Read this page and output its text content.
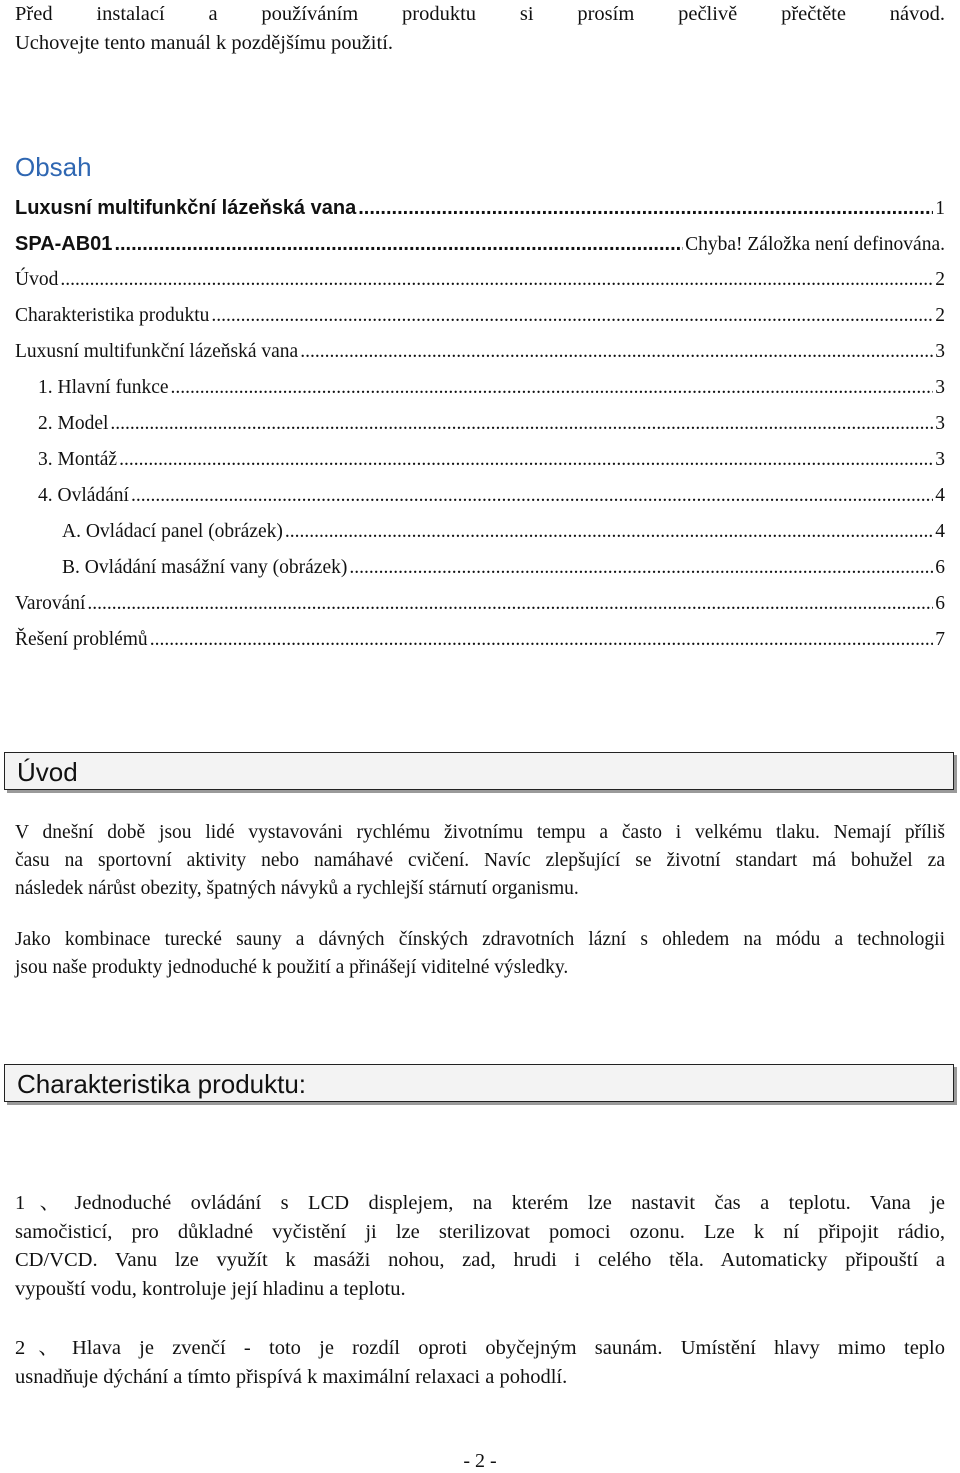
Před instalací a používáním produktu si prosím pečlivě přečtěte návod.
Uchovejte tento manuál k pozdějšímu použití.
Obsah
Luxusní multifunkční lázeňská vana .....	1
SPA-AB01 .....	Chyba! Záložka není definována.
Úvod .....	2
Charakteristika produktu .....	2
Luxusní multifunkční lázeňská vana .....	3
1. Hlavní funkce .....	3
2. Model .....	3
3. Montáž .....	3
4. Ovládání .....	4
A. Ovládací panel (obrázek) .....	4
B. Ovládání masážní vany (obrázek) .....	6
Varování .....	6
Řešení problémů .....	7
Úvod
V dnešní době jsou lidé vystavováni rychlému životnímu tempu a často i velkému tlaku. Nemají příliš
času na sportovní aktivity nebo namáhavé cvičení. Navíc zlepšující se životní standart má bohužel za
následek nárůst obezity, špatných návyků a rychlejší stárnutí organismu.
Jako kombinace turecké sauny a dávných čínských zdravotních lázní s ohledem na módu a technologii
jsou naše produkty jednoduché k použití a přinášejí viditelné výsledky.
Charakteristika produktu:
1、Jednoduché ovládání s LCD displejem, na kterém lze nastavit čas a teplotu. Vana je
samočisticí, pro důkladné vyčistění ji lze sterilizovat pomoci ozonu. Lze k ní připojit rádio,
CD/VCD. Vanu lze využít k masáži nohou, zad, hrudi i celého těla. Automaticky připouští a
vypouští vodu, kontroluje její hladinu a teplotu.
2、Hlava je zvenčí - toto je rozdíl oproti obyčejným saunám. Umístění hlavy mimo teplo
usnadňuje dýchání a tímto přispívá k maximální relaxaci a pohodlí.
- 2 -
